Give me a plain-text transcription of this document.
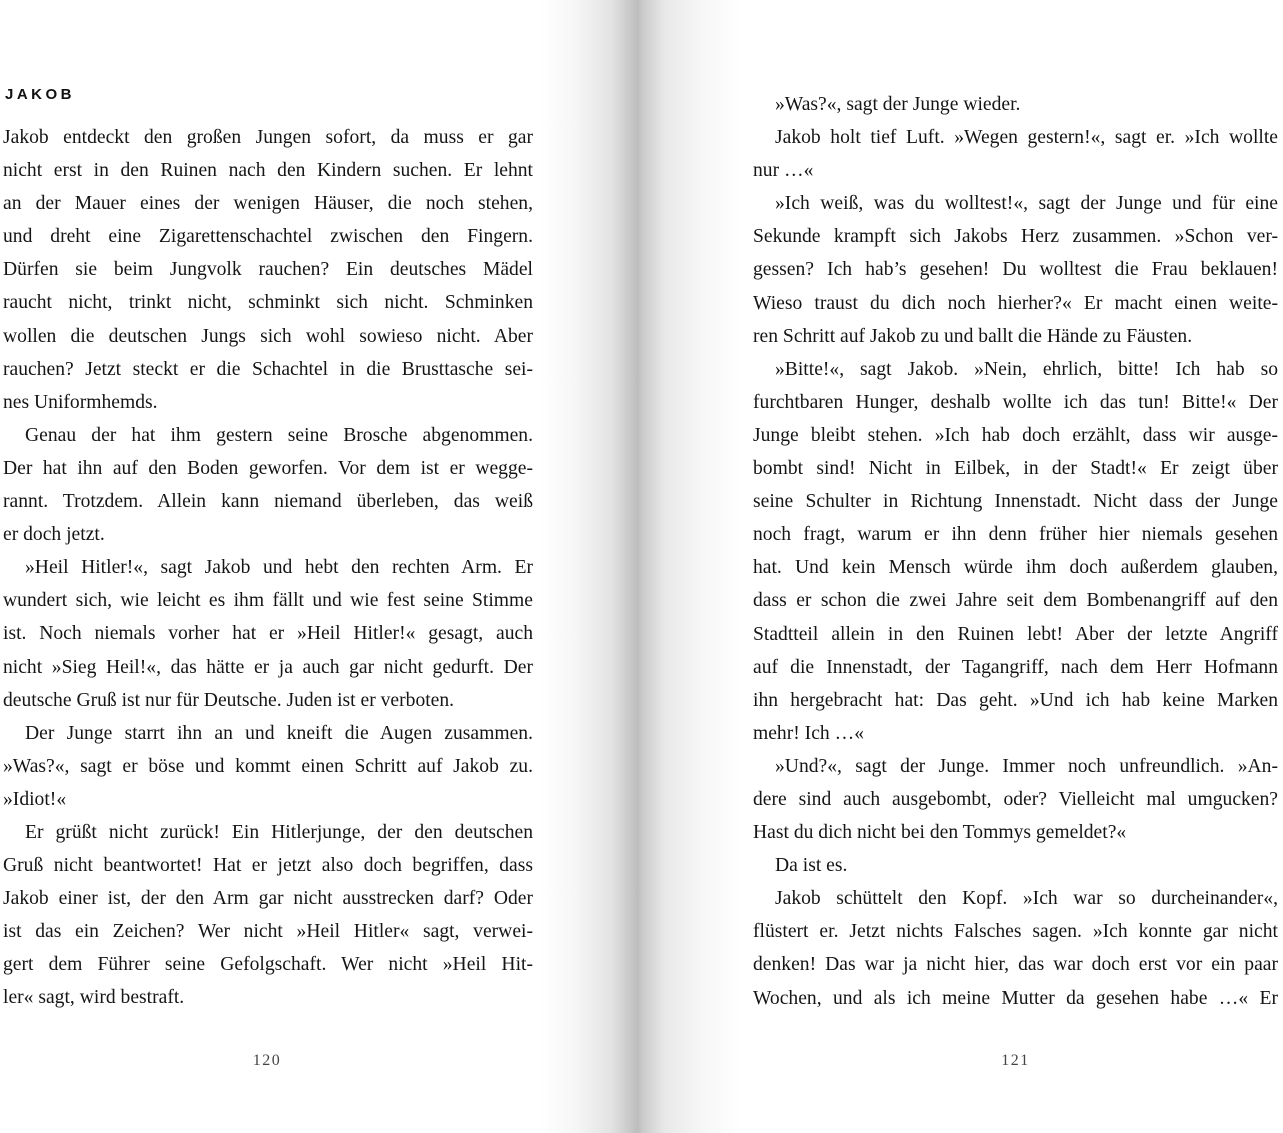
JAKOB
Jakob entdeckt den großen Jungen sofort, da muss er gar
nicht erst in den Ruinen nach den Kindern suchen. Er lehnt
an der Mauer eines der wenigen Häuser, die noch stehen,
und dreht eine Zigarettenschachtel zwischen den Fingern.
Dürfen sie beim Jungvolk rauchen? Ein deutsches Mädel
raucht nicht, trinkt nicht, schminkt sich nicht. Schminken
wollen die deutschen Jungs sich wohl sowieso nicht. Aber
rauchen? Jetzt steckt er die Schachtel in die Brusttasche sei-
nes Uniformhemds.
Genau der hat ihm gestern seine Brosche abgenommen.
Der hat ihn auf den Boden geworfen. Vor dem ist er wegge-
rannt. Trotzdem. Allein kann niemand überleben, das weiß
er doch jetzt.
»Heil Hitler!«, sagt Jakob und hebt den rechten Arm. Er
wundert sich, wie leicht es ihm fällt und wie fest seine Stimme
ist. Noch niemals vorher hat er »Heil Hitler!« gesagt, auch
nicht »Sieg Heil!«, das hätte er ja auch gar nicht gedurft. Der
deutsche Gruß ist nur für Deutsche. Juden ist er verboten.
Der Junge starrt ihn an und kneift die Augen zusammen.
»Was?«, sagt er böse und kommt einen Schritt auf Jakob zu.
»Idiot!«
Er grüßt nicht zurück! Ein Hitlerjunge, der den deutschen
Gruß nicht beantwortet! Hat er jetzt also doch begriffen, dass
Jakob einer ist, der den Arm gar nicht ausstrecken darf? Oder
ist das ein Zeichen? Wer nicht »Heil Hitler« sagt, verwei-
gert dem Führer seine Gefolgschaft. Wer nicht »Heil Hit-
ler« sagt, wird bestraft.
120
»Was?«, sagt der Junge wieder.
Jakob holt tief Luft. »Wegen gestern!«, sagt er. »Ich wollte
nur …«
»Ich weiß, was du wolltest!«, sagt der Junge und für eine
Sekunde krampft sich Jakobs Herz zusammen. »Schon ver-
gessen? Ich hab’s gesehen! Du wolltest die Frau beklauen!
Wieso traust du dich noch hierher?« Er macht einen weite-
ren Schritt auf Jakob zu und ballt die Hände zu Fäusten.
»Bitte!«, sagt Jakob. »Nein, ehrlich, bitte! Ich hab so
furchtbaren Hunger, deshalb wollte ich das tun! Bitte!« Der
Junge bleibt stehen. »Ich hab doch erzählt, dass wir ausge-
bombt sind! Nicht in Eilbek, in der Stadt!« Er zeigt über
seine Schulter in Richtung Innenstadt. Nicht dass der Junge
noch fragt, warum er ihn denn früher hier niemals gesehen
hat. Und kein Mensch würde ihm doch außerdem glauben,
dass er schon die zwei Jahre seit dem Bombenangriff auf den
Stadtteil allein in den Ruinen lebt! Aber der letzte Angriff
auf die Innenstadt, der Tagangriff, nach dem Herr Hofmann
ihn hergebracht hat: Das geht. »Und ich hab keine Marken
mehr! Ich …«
»Und?«, sagt der Junge. Immer noch unfreundlich. »An-
dere sind auch ausgebombt, oder? Vielleicht mal umgucken?
Hast du dich nicht bei den Tommys gemeldet?«
Da ist es.
Jakob schüttelt den Kopf. »Ich war so durcheinander«,
flüstert er. Jetzt nichts Falsches sagen. »Ich konnte gar nicht
denken! Das war ja nicht hier, das war doch erst vor ein paar
Wochen, und als ich meine Mutter da gesehen habe …« Er
121
